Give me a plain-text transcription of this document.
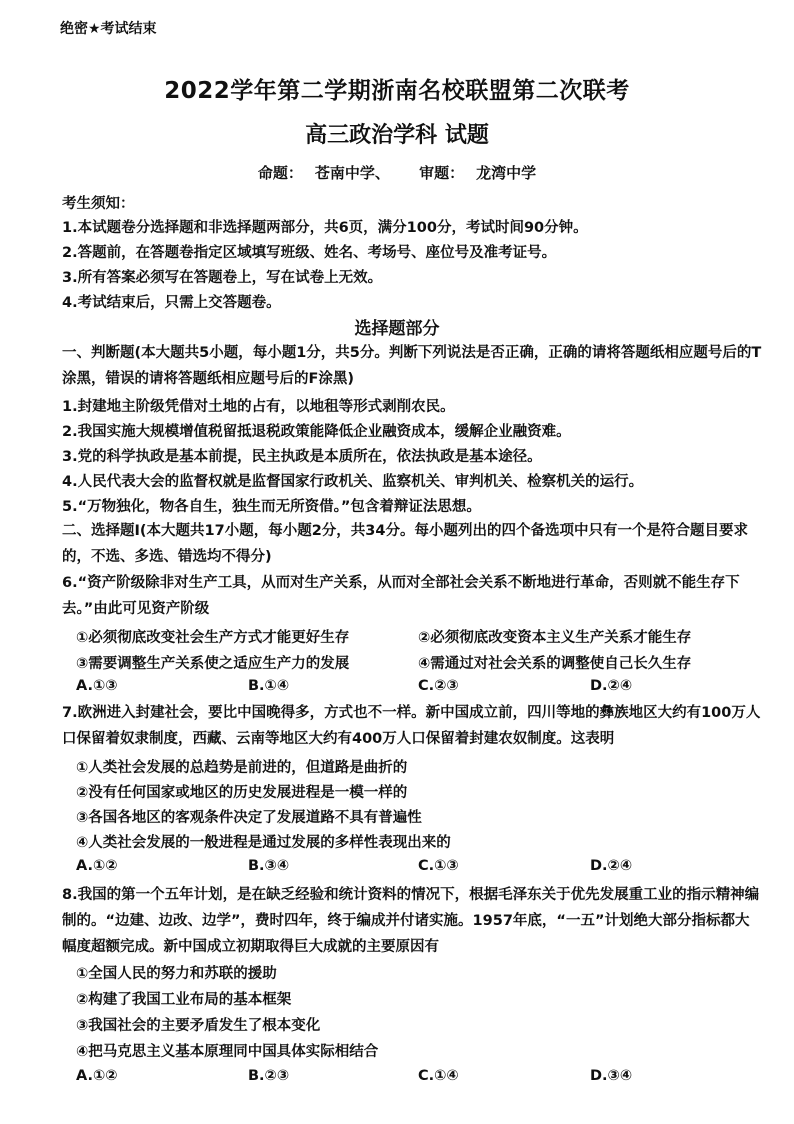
绝密★考试结束
2022学年第二学期浙南名校联盟第二次联考
高三政治学科 试题
命题： 苍南中学、 审题： 龙湾中学
考生须知：
1.本试题卷分选择题和非选择题两部分，共6页，满分100分，考试时间90分钟。
2.答题前，在答题卷指定区域填写班级、姓名、考场号、座位号及准考证号。
3.所有答案必须写在答题卷上，写在试卷上无效。
4.考试结束后，只需上交答题卷。
选择题部分
一、判断题(本大题共5小题，每小题1分，共5分。判断下列说法是否正确，正确的请将答题纸相应题号后的T涂黑，错误的请将答题纸相应题号后的F涂黑)
1.封建地主阶级凭借对土地的占有，以地租等形式剥削农民。
2.我国实施大规模增值税留抵退税政策能降低企业融资成本，缓解企业融资难。
3.党的科学执政是基本前提，民主执政是本质所在，依法执政是基本途径。
4.人民代表大会的监督权就是监督国家行政机关、监察机关、审判机关、检察机关的运行。
5.“万物独化，物各自生，独生而无所资借。”包含着辩证法思想。
二、选择题Ⅰ(本大题共17小题，每小题2分，共34分。每小题列出的四个备选项中只有一个是符合题目要求的，不选、多选、错选均不得分)
6.“资产阶级除非对生产工具，从而对生产关系，从而对全部社会关系不断地进行革命，否则就不能生存下去。”由此可见资产阶级
①必须彻底改变社会生产方式才能更好生存	②必须彻底改变资本主义生产关系才能生存
③需要调整生产关系使之适应生产力的发展	④需通过对社会关系的调整使自己长久生存
A.①③	B.①④	C.②③	D.②④
7.欧洲进入封建社会，要比中国晚得多，方式也不一样。新中国成立前，四川等地的彝族地区大约有100万人口保留着奴隶制度，西藏、云南等地区大约有400万人口保留着封建农奴制度。这表明
①人类社会发展的总趋势是前进的，但道路是曲折的
②没有任何国家或地区的历史发展进程是一模一样的
③各国各地区的客观条件决定了发展道路不具有普遍性
④人类社会发展的一般进程是通过发展的多样性表现出来的
A.①②	B.③④	C.①③	D.②④
8.我国的第一个五年计划，是在缺乏经验和统计资料的情况下，根据毛泽东关于优先发展重工业的指示精神编制的。“边建、边改、边学”，费时四年，终于编成并付诸实施。1957年底，“一五”计划绝大部分指标都大幅度超额完成。新中国成立初期取得巨大成就的主要原因有
①全国人民的努力和苏联的援助
②构建了我国工业布局的基本框架
③我国社会的主要矛盾发生了根本变化
④把马克思主义基本原理同中国具体实际相结合
A.①②	B.②③	C.①④	D.③④
